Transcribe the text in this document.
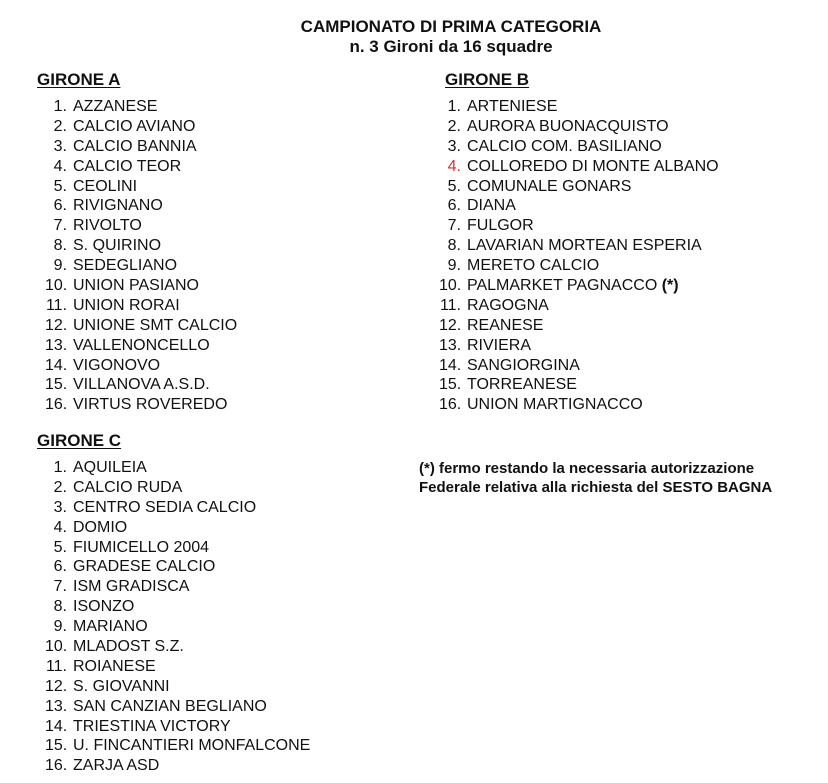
CAMPIONATO DI PRIMA CATEGORIA
n. 3 Gironi da 16 squadre
GIRONE A
1. AZZANESE
2. CALCIO AVIANO
3. CALCIO BANNIA
4. CALCIO TEOR
5. CEOLINI
6. RIVIGNANO
7. RIVOLTO
8. S. QUIRINO
9. SEDEGLIANO
10. UNION PASIANO
11. UNION RORAI
12. UNIONE SMT CALCIO
13. VALLENONCELLO
14. VIGONOVO
15. VILLANOVA A.S.D.
16. VIRTUS ROVEREDO
GIRONE B
1. ARTENIESE
2. AURORA BUONACQUISTO
3. CALCIO COM. BASILIANO
4. COLLOREDO DI MONTE ALBANO
5. COMUNALE GONARS
6. DIANA
7. FULGOR
8. LAVARIAN MORTEAN ESPERIA
9. MERETO CALCIO
10. PALMARKET PAGNACCO (*)
11. RAGOGNA
12. REANESE
13. RIVIERA
14. SANGIORGINA
15. TORREANESE
16. UNION MARTIGNACCO
GIRONE C
1. AQUILEIA
2. CALCIO RUDA
3. CENTRO SEDIA CALCIO
4. DOMIO
5. FIUMICELLO 2004
6. GRADESE CALCIO
7. ISM GRADISCA
8. ISONZO
9. MARIANO
10. MLADOST S.Z.
11. ROIANESE
12. S. GIOVANNI
13. SAN CANZIAN BEGLIANO
14. TRIESTINA VICTORY
15. U. FINCANTIERI MONFALCONE
16. ZARJA ASD
(*) fermo restando la necessaria autorizzazione
Federale relativa alla richiesta del SESTO BAGNA
